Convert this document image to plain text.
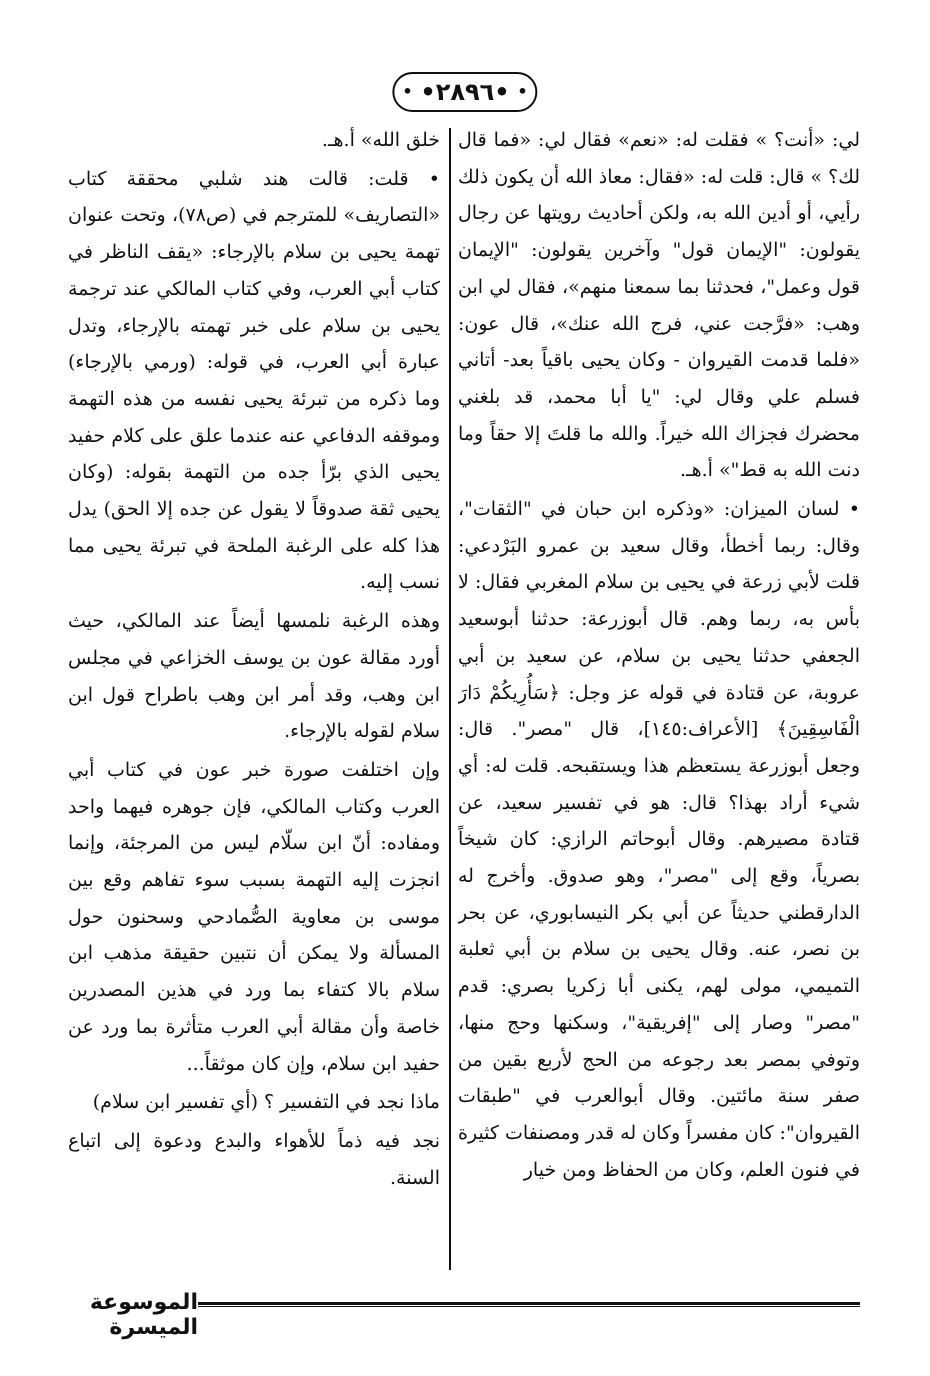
• •٢٨٩٦• •

لي: «أنت؟ » فقلت له: «نعم» فقال لي: «فما قال لك؟ » قال: قلت له: «فقال: معاذ الله أن يكون ذلك رأيي، أو أدين الله به، ولكن أحاديث رويتها عن رجال يقولون: "الإيمان قول" وآخرين يقولون: "الإيمان قول وعمل"، فحدثنا بما سمعنا منهم»، فقال لي ابن وهب: «فرَّجت عني، فرج الله عنك»، قال عون: «فلما قدمت القيروان - وكان يحيى باقياً بعد- أتاني فسلم علي وقال لي: "يا أبا محمد، قد بلغني محضرك فجزاك الله خيراً. والله ما قلتَ إلا حقاً وما دنت الله به قط"» أ.هـ.

• لسان الميزان: «وذكره ابن حبان في "الثقات"، وقال: ربما أخطأ، وقال سعيد بن عمرو البَرْدعي: قلت لأبي زرعة في يحيى بن سلام المغربي فقال: لا بأس به، ربما وهم. قال أبوزرعة: حدثنا أبوسعيد الجعفي حدثنا يحيى بن سلام، عن سعيد بن أبي عروبة، عن قتادة في قوله عز وجل: ﴿سَأُرِيكُمْ دَارَ الْفَاسِقِينَ﴾ [الأعراف:١٤٥]، قال "مصر". قال: وجعل أبوزرعة يستعظم هذا ويستقبحه. قلت له: أي شيء أراد بهذا؟ قال: هو في تفسير سعيد، عن قتادة مصيرهم. وقال أبوحاتم الرازي: كان شيخاً بصرياً، وقع إلى "مصر"، وهو صدوق. وأخرج له الدارقطني حديثاً عن أبي بكر النيسابوري، عن بحر بن نصر، عنه. وقال يحيى بن سلام بن أبي ثعلبة التميمي، مولى لهم، يكنى أبا زكريا بصري: قدم "مصر" وصار إلى "إفريقية"، وسكنها وحج منها، وتوفي بمصر بعد رجوعه من الحج لأربع بقين من صفر سنة مائتين. وقال أبوالعرب في "طبقات القيروان": كان مفسراً وكان له قدر ومصنفات كثيرة في فنون العلم، وكان من الحفاظ ومن خيار

خلق الله» أ.هـ.

• قلت: قالت هند شلبي محققة كتاب «التصاريف» للمترجم في (ص٧٨)، وتحت عنوان تهمة يحيى بن سلام بالإرجاء: «يقف الناظر في كتاب أبي العرب، وفي كتاب المالكي عند ترجمة يحيى بن سلام على خبر تهمته بالإرجاء، وتدل عبارة أبي العرب، في قوله: (ورمي بالإرجاء) وما ذكره من تبرئة يحيى نفسه من هذه التهمة وموقفه الدفاعي عنه عندما علق على كلام حفيد يحيى الذي برّأ جده من التهمة بقوله: (وكان يحيى ثقة صدوقاً لا يقول عن جده إلا الحق) يدل هذا كله على الرغبة الملحة في تبرئة يحيى مما نسب إليه.

وهذه الرغبة نلمسها أيضاً عند المالكي، حيث أورد مقالة عون بن يوسف الخزاعي في مجلس ابن وهب، وقد أمر ابن وهب باطراح قول ابن سلام لقوله بالإرجاء.

وإن اختلفت صورة خبر عون في كتاب أبي العرب وكتاب المالكي، فإن جوهره فيهما واحد ومفاده: أنّ ابن سلّام ليس من المرجئة، وإنما انجزت إليه التهمة بسبب سوء تفاهم وقع بين موسى بن معاوية الصُّمادحي وسحنون حول المسألة ولا يمكن أن نتبين حقيقة مذهب ابن سلام بالا كتفاء بما ورد في هذين المصدرين خاصة وأن مقالة أبي العرب متأثرة بما ورد عن حفيد ابن سلام، وإن كان موثقاً...

ماذا نجد في التفسير ؟ (أي تفسير ابن سلام)

نجد فيه ذماً للأهواء والبدع ودعوة إلى اتباع السنة.

الموسوعة الميسرة
